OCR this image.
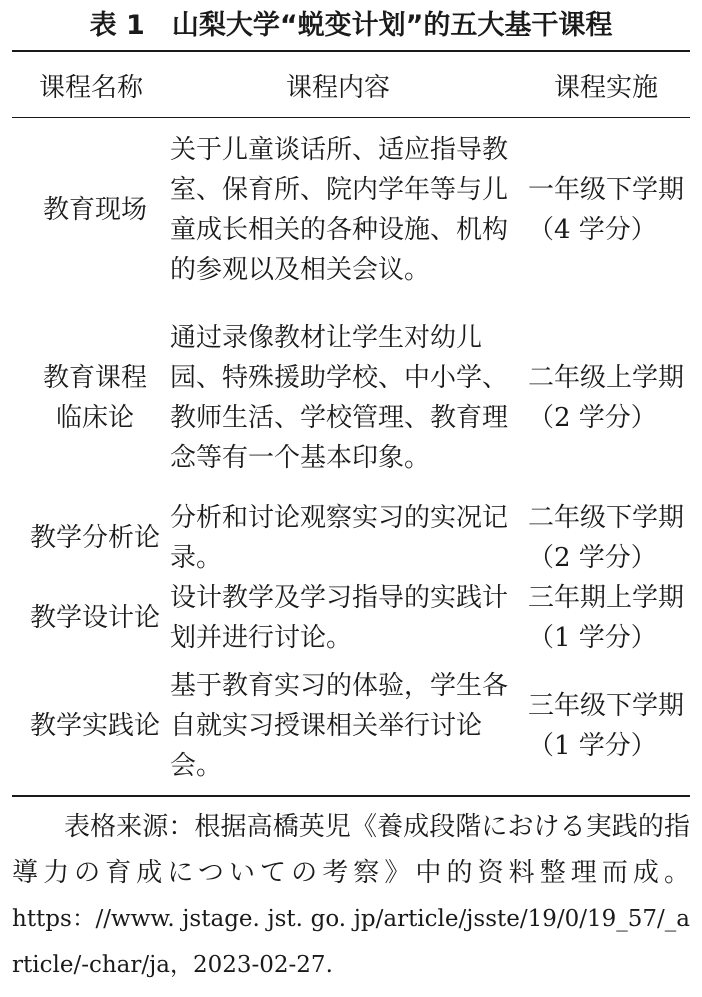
表 1　山梨大学“蜕变计划”的五大基干课程
课程名称	课程内容	课程实施
教育现场
关于儿童谈话所、适应指导教室、保育所、院内学年等与儿童成长相关的各种设施、机构的参观以及相关会议。
一年级下学期（4 学分）
教育课程临床论
通过录像教材让学生对幼儿园、特殊援助学校、中小学、教师生活、学校管理、教育理念等有一个基本印象。
二年级上学期（2 学分）
教学分析论
分析和讨论观察实习的实况记录。
二年级下学期（2 学分）
教学设计论
设计教学及学习指导的实践计划并进行讨论。
三年期上学期（1 学分）
教学实践论
基于教育实习的体验，学生各自就实习授课相关举行讨论会。
三年级下学期（1 学分）

表格来源：根据高橋英児《養成段階における実践的指導力の育成についての考察》中的资料整理而成。

https：//www. jstage. jst. go. jp/article/jsste/19/0/19_57/_article/-char/ja，2023-02-27.
